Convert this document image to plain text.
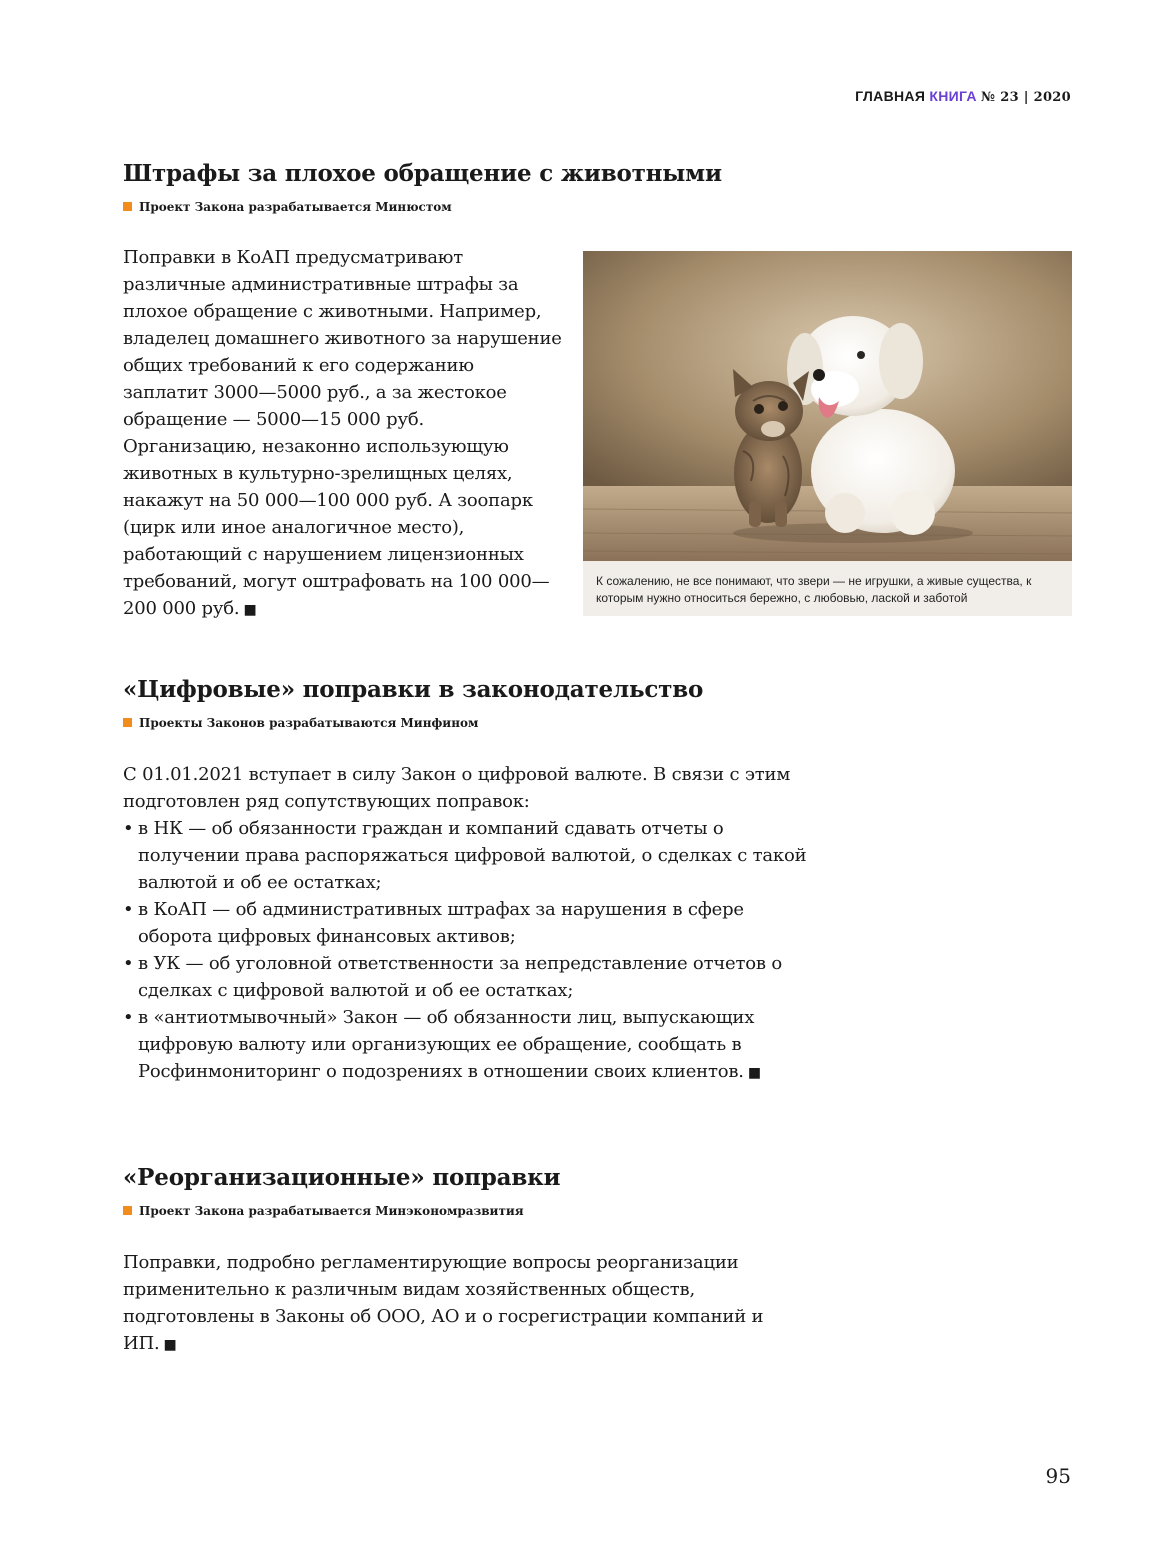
ГЛАВНАЯ КНИГА № 23 | 2020
Штрафы за плохое обращение с животными
Проект Закона разрабатывается Минюстом

Поправки в КоАП предусматривают различные административные штрафы за плохое обращение с животными. Например, владелец домашнего животного за нарушение общих требований к его содержанию заплатит 3000—5000 руб., а за жестокое обращение — 5000—15 000 руб. Организацию, незаконно использующую животных в культурно-зрелищных целях, накажут на 50 000—100 000 руб. А зоопарк (цирк или иное аналогичное место), работающий с нарушением лицензионных требований, могут оштрафовать на 100 000—200 000 руб. ■

К сожалению, не все понимают, что звери — не игрушки, а живые существа, к которым нужно относиться бережно, с любовью, лаской и заботой
«Цифровые» поправки в законодательство
Проекты Законов разрабатываются Минфином
С 01.01.2021 вступает в силу Закон о цифровой валюте. В связи с этим подготовлен ряд сопутствующих поправок:
• в НК — об обязанности граждан и компаний сдавать отчеты о получении права распоряжаться цифровой валютой, о сделках с такой валютой и об ее остатках;
• в КоАП — об административных штрафах за нарушения в сфере оборота цифровых финансовых активов;
• в УК — об уголовной ответственности за непредставление отчетов о сделках с цифровой валютой и об ее остатках;
• в «антиотмывочный» Закон — об обязанности лиц, выпускающих цифровую валюту или организующих ее обращение, сообщать в Росфинмониторинг о подозрениях в отношении своих клиентов. ■
«Реорганизационные» поправки
Проект Закона разрабатывается Минэкономразвития

Поправки, подробно регламентирующие вопросы реорганизации применительно к различным видам хозяйственных обществ, подготовлены в Законы об ООО, АО и о госрегистрации компаний и ИП. ■

95
